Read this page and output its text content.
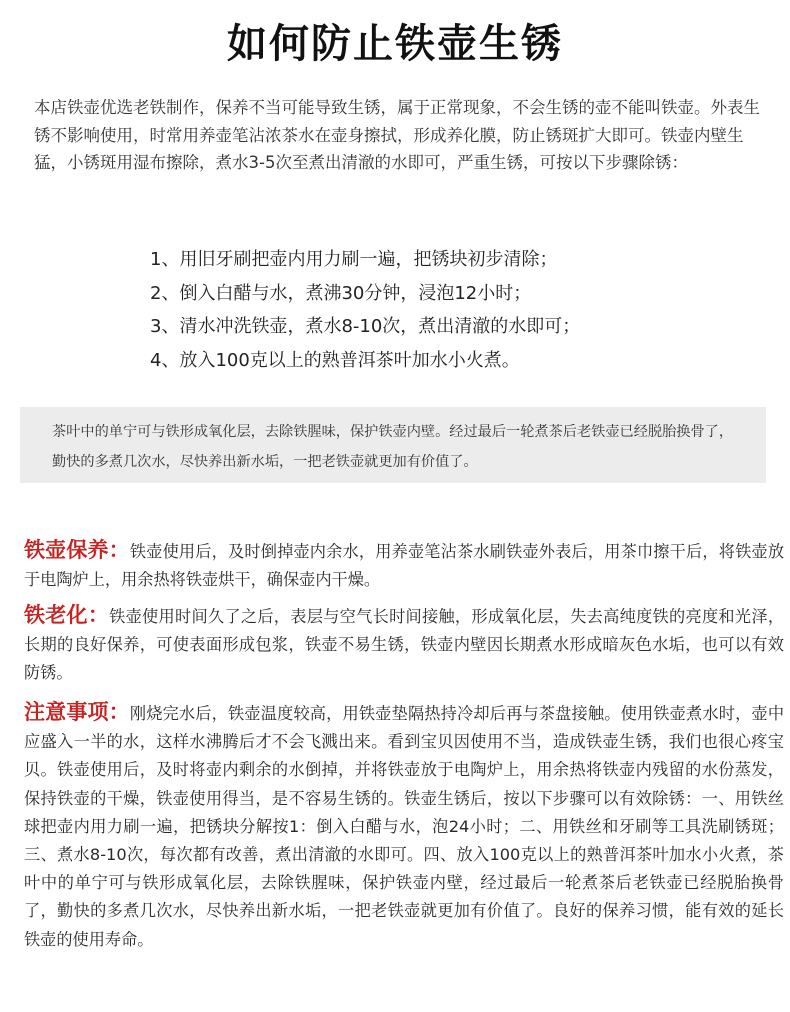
如何防止铁壶生锈

本店铁壶优选老铁制作，保养不当可能导致生锈，属于正常现象，不会生锈的壶不能叫铁壶。外表生锈不影响使用，时常用养壶笔沾浓茶水在壶身擦拭，形成养化膜，防止锈斑扩大即可。铁壶内壁生猛，小锈斑用湿布擦除，煮水3-5次至煮出清澈的水即可，严重生锈，可按以下步骤除锈：

1、用旧牙刷把壶内用力刷一遍，把锈块初步清除；
2、倒入白醋与水，煮沸30分钟，浸泡12小时；
3、清水冲洗铁壶，煮水8-10次，煮出清澈的水即可；
4、放入100克以上的熟普洱茶叶加水小火煮。
茶叶中的单宁可与铁形成氧化层，去除铁腥味，保护铁壶内壁。经过最后一轮煮茶后老铁壶已经脱胎换骨了，勤快的多煮几次水，尽快养出新水垢，一把老铁壶就更加有价值了。

铁壶保养：铁壶使用后，及时倒掉壶内余水，用养壶笔沾茶水刷铁壶外表后，用茶巾擦干后，将铁壶放于电陶炉上，用余热将铁壶烘干，确保壶内干燥。

铁老化：铁壶使用时间久了之后，表层与空气长时间接触，形成氧化层，失去高纯度铁的亮度和光泽，长期的良好保养，可使表面形成包浆，铁壶不易生锈，铁壶内壁因长期煮水形成暗灰色水垢，也可以有效防锈。

注意事项：刚烧完水后，铁壶温度较高，用铁壶垫隔热持冷却后再与茶盘接触。使用铁壶煮水时，壶中应盛入一半的水，这样水沸腾后才不会飞溅出来。看到宝贝因使用不当，造成铁壶生锈，我们也很心疼宝贝。铁壶使用后，及时将壶内剩余的水倒掉，并将铁壶放于电陶炉上，用余热将铁壶内残留的水份蒸发，保持铁壶的干燥，铁壶使用得当，是不容易生锈的。铁壶生锈后，按以下步骤可以有效除锈：一、用铁丝球把壶内用力刷一遍，把锈块分解按1：倒入白醋与水，泡24小时；二、用铁丝和牙刷等工具洗刷锈斑；三、煮水8-10次，每次都有改善，煮出清澈的水即可。四、放入100克以上的熟普洱茶叶加水小火煮，茶叶中的单宁可与铁形成氧化层，去除铁腥味，保护铁壶内壁，经过最后一轮煮茶后老铁壶已经脱胎换骨了，勤快的多煮几次水，尽快养出新水垢，一把老铁壶就更加有价值了。良好的保养习惯，能有效的延长铁壶的使用寿命。
